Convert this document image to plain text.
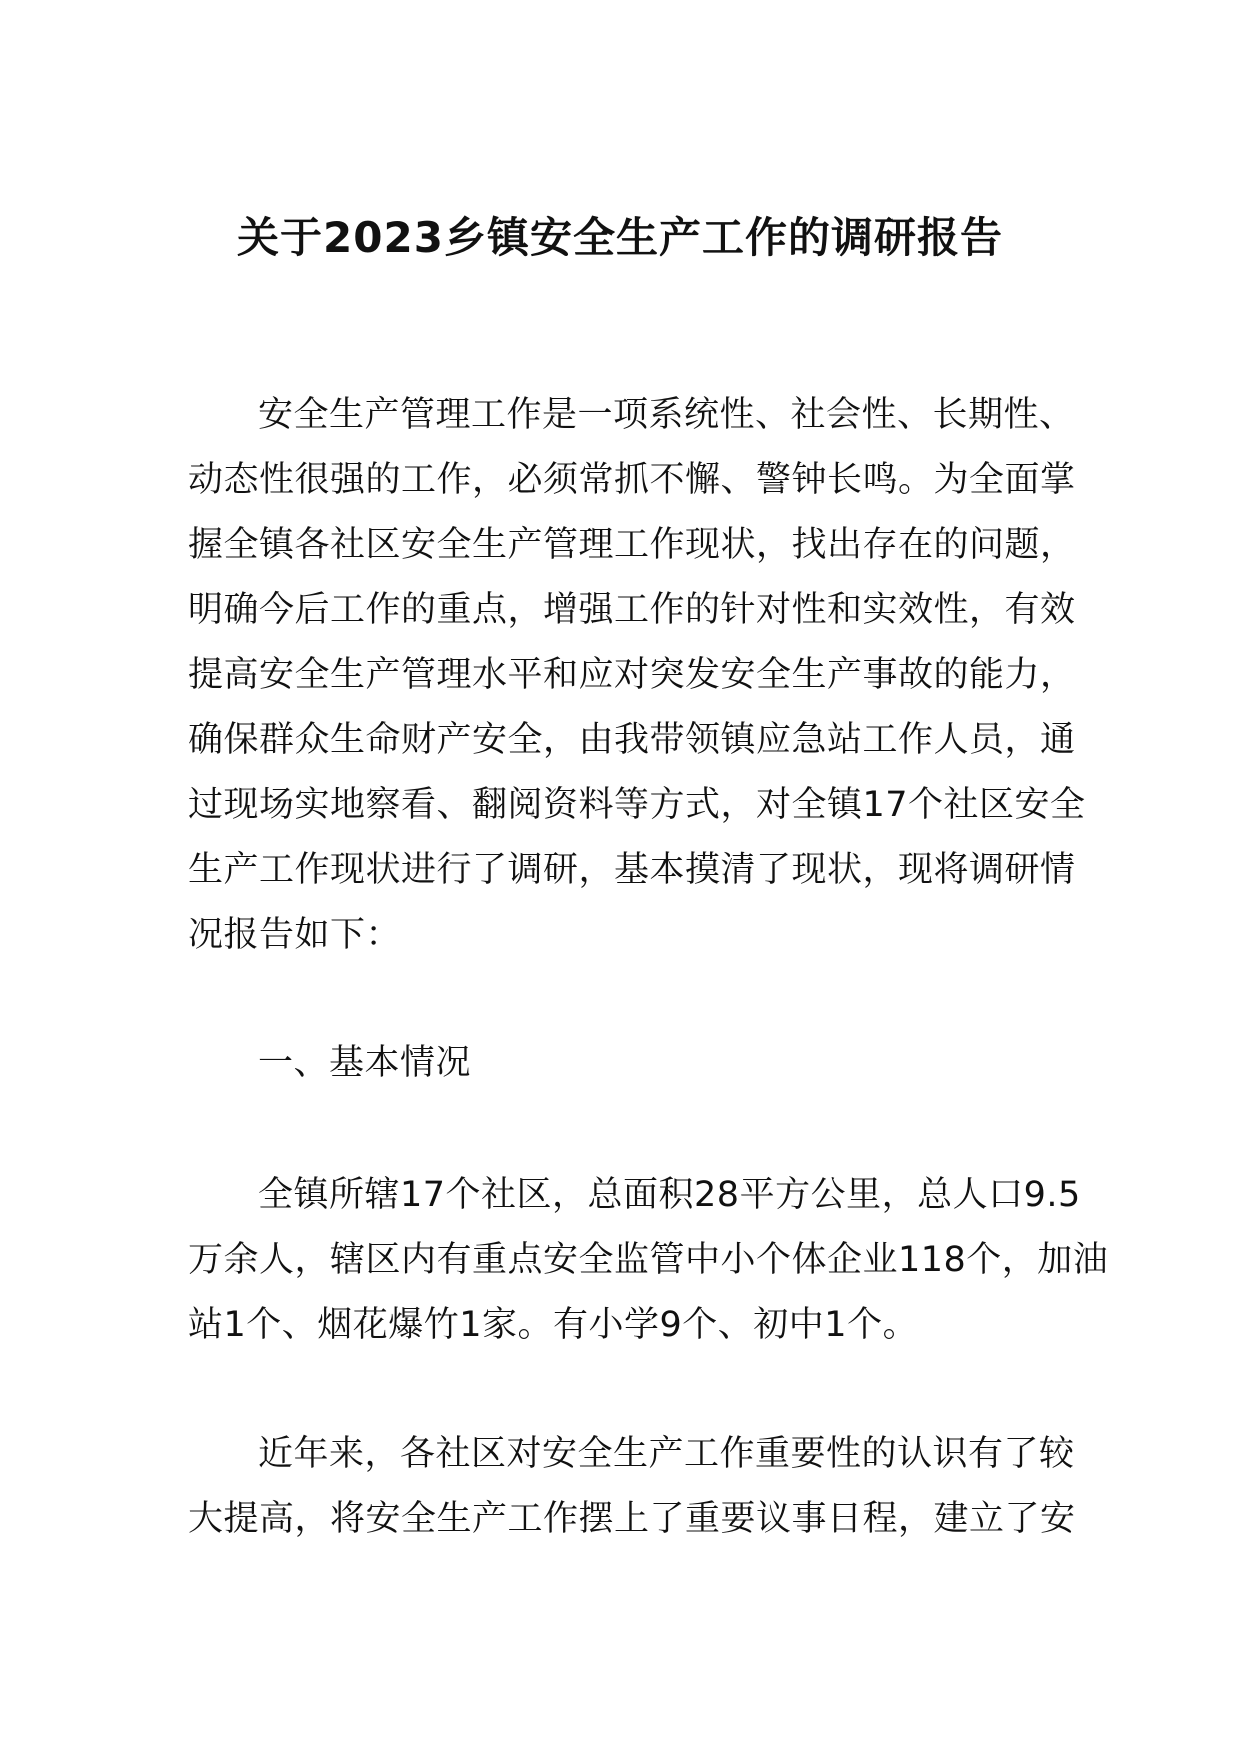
关于2023乡镇安全生产工作的调研报告
安全生产管理工作是一项系统性、社会性、长期性、
动态性很强的工作，必须常抓不懈、警钟长鸣。为全面掌
握全镇各社区安全生产管理工作现状，找出存在的问题，
明确今后工作的重点，增强工作的针对性和实效性，有效
提高安全生产管理水平和应对突发安全生产事故的能力，
确保群众生命财产安全，由我带领镇应急站工作人员，通
过现场实地察看、翻阅资料等方式，对全镇17个社区安全
生产工作现状进行了调研，基本摸清了现状，现将调研情
况报告如下：
一、基本情况
全镇所辖17个社区，总面积28平方公里，总人口9.5
万余人，辖区内有重点安全监管中小个体企业118个，加油
站1个、烟花爆竹1家。有小学9个、初中1个。
近年来，各社区对安全生产工作重要性的认识有了较
大提高，将安全生产工作摆上了重要议事日程，建立了安
